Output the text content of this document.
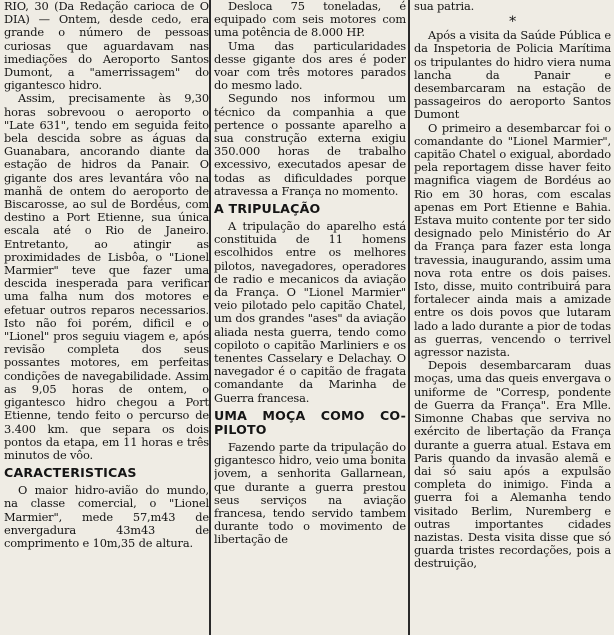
RIO, 30 (Da Redação carioca de O DIA) — Ontem, desde cedo, era grande o número de pessoas curiosas que aguardavam nas imediações do Aeroporto Santos Dumont, a "amerrissagem" do gigantesco hidro.

Assim, precisamente às 9,30 horas sobrevoou o aeroporto o "Late 631", tendo em seguida feito bela descida sobre as águas da Guanabara, ancorando diante da estação de hidros da Panair. O gigante dos ares levantára vôo na manhã de ontem do aeroporto de Biscarosse, ao sul de Bordéus, com destino a Port Etienne, sua única escala até o Rio de Janeiro. Entretanto, ao atingir as proximidades de Lisbôa, o "Lionel Marmier" teve que fazer uma descida inesperada para verificar uma falha num dos motores e efetuar outros reparos necessarios. Isto não foi porém, dificil e o "Lionel" pros seguiu viagem e, após revisão completa dos seus possantes motores, em perfeitas condições de navegabilidade. Assim as 9,05 horas de ontem, o gigantesco hidro chegou a Port Etienne, tendo feito o percurso de 3.400 km. que separa os dois pontos da etapa, em 11 horas e três minutos de vôo.

CARACTERISTICAS

O maior hidro-avião do mundo, na classe comercial, o "Lionel Marmier", mede 57,m43 de envergadura 43m43 de comprimento e 10m,35 de altura.

Desloca 75 toneladas, é equipado com seis motores com uma potência de 8.000 HP.

Uma das particularidades desse gigante dos ares é poder voar com três motores parados do mesmo lado.

Segundo nos informou um técnico da companhia a que pertence o possante aparelho a sua construção externa exigiu 350.000 horas de trabalho excessivo, executados apesar de todas as dificuldades porque atravessa a França no momento.

A TRIPULAÇÃO

A tripulação do aparelho está constituida de 11 homens escolhidos entre os melhores pilotos, navegadores, operadores de radio e mecanicos da aviação da França. O "Lionel Marmier" veio pilotado pelo capitão Chatel, um dos grandes "ases" da aviação aliada nesta guerra, tendo como copiloto o capitão Marliniers e os tenentes Casselary e Delachay. O navegador é o capitão de fragata comandante da Marinha de Guerra francesa.

UMA MOÇA COMO CO-PILOTO

Fazendo parte da tripulação do gigantesco hidro, veio uma bonita jovem, a senhorita Gallarnean, que durante a guerra prestou seus serviços na aviação francesa, tendo servido tambem durante todo o movimento de libertação de

sua patria.

*

Após a visita da Saúde Pública e da Inspetoria de Policia Marítima os tripulantes do hidro viera numa lancha da Panair e desembarcaram na estação de passageiros do aeroporto Santos Dumont

O primeiro a desembarcar foi o comandante do "Lionel Marmier", capitão Chatel o exigual, abordado pela reportagem disse haver feito magnifica viagem de Bordéus ao Rio em 30 horas, com escalas apenas em Port Etienne e Bahia. Estava muito contente por ter sido designado pelo Ministério do Ar da França para fazer esta longa travessia, inaugurando, assim uma nova rota entre os dois paises. Isto, disse, muito contribuirá para fortalecer ainda mais a amizade entre os dois povos que lutaram lado a lado durante a pior de todas as guerras, vencendo o terrivel agressor nazista.

Depois desembarcaram duas moças, uma das queis envergava o uniforme de "Corresp, pondente de Guerra da França". Era Mlle. Simonne Chabas que serviva no exército de libertação da França durante a guerra atual. Estava em Paris quando da invasão alemã e dai só saiu após a expulsão completa do inimigo. Finda a guerra foi a Alemanha tendo visitado Berlim, Nuremberg e outras importantes cidades nazistas. Desta visita disse que só guarda tristes recordações, pois a destruição,
